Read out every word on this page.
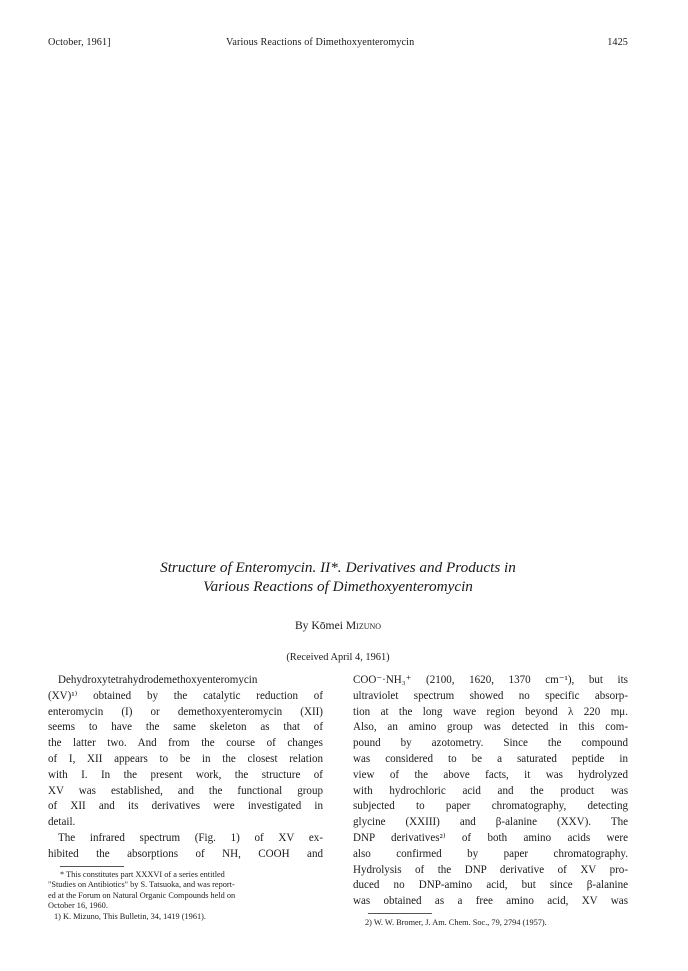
October, 1961]	Various Reactions of Dimethoxyenteromycin	1425
Structure of Enteromycin. II*. Derivatives and Products in
Various Reactions of Dimethoxyenteromycin
By Kōmei Mizuno
(Received April 4, 1961)

Dehydroxytetrahydrodemethoxyenteromycin

(XV)¹⁾ obtained by the catalytic reduction of

enteromycin (I) or demethoxyenteromycin (XII)

seems to have the same skeleton as that of

the latter two. And from the course of changes

of I, XII appears to be in the closest relation

with I. In the present work, the structure of

XV was established, and the functional group

of XII and its derivatives were investigated in

detail.

The infrared spectrum (Fig. 1) of XV ex-

hibited the absorptions of NH, COOH and

* This constitutes part XXXVI of a series entitled

"Studies on Antibiotics" by S. Tatsuoka, and was report-

ed at the Forum on Natural Organic Compounds held on

October 16, 1960.

1) K. Mizuno, This Bulletin, 34, 1419 (1961).

COO⁻·NH₃⁺ (2100, 1620, 1370 cm⁻¹), but its

ultraviolet spectrum showed no specific absorp-

tion at the long wave region beyond λ 220 mμ.

Also, an amino group was detected in this com-

pound by azotometry. Since the compound

was considered to be a saturated peptide in

view of the above facts, it was hydrolyzed

with hydrochloric acid and the product was

subjected to paper chromatography, detecting

glycine (XXIII) and β-alanine (XXV). The

DNP derivatives²⁾ of both amino acids were

also confirmed by paper chromatography.

Hydrolysis of the DNP derivative of XV pro-

duced no DNP-amino acid, but since β-alanine

was obtained as a free amino acid, XV was

2) W. W. Bromer, J. Am. Chem. Soc., 79, 2794 (1957).
